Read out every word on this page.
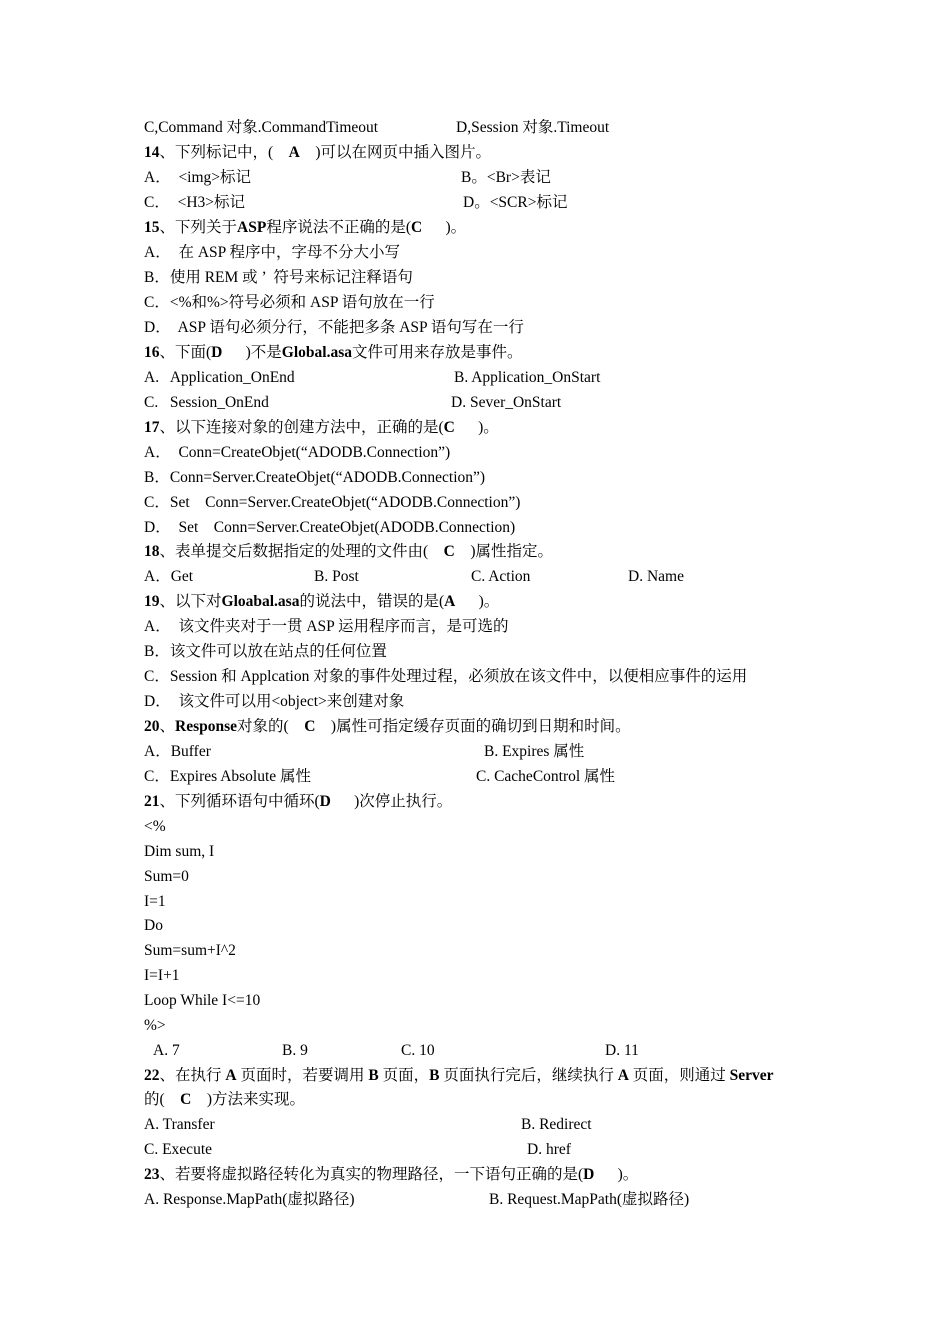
C,Command 对象.CommandTimeout	D,Session 对象.Timeout
14、下列标记中，( A )可以在网页中插入图片。
A．  <img>标记	B。<Br>表记
C．  <H3>标记	D。<SCR>标记
15、下列关于ASP程序说法不正确的是(C )。
A．  在 ASP 程序中，字母不分大小写
B．使用 REM 或 ’  符号来标记注释语句
C．<%和%>符号必须和 ASP 语句放在一行
D．  ASP 语句必须分行，不能把多条 ASP 语句写在一行
16、下面(D )不是Global.asa文件可用来存放是事件。
A.   Application_OnEnd	B. Application_OnStart
C.   Session_OnEnd	D. Sever_OnStart
17、以下连接对象的创建方法中，正确的是(C )。
A．  Conn=CreateObjet(“ADODB.Connection”)
B．Conn=Server.CreateObjet(“ADODB.Connection”)
C．Set    Conn=Server.CreateObjet(“ADODB.Connection”)
D．  Set    Conn=Server.CreateObjet(ADODB.Connection)
18、表单提交后数据指定的处理的文件由( C )属性指定。
A．Get	B. Post	C. Action	D. Name
19、以下对Gloabal.asa的说法中，错误的是(A )。
A．  该文件夹对于一贯 ASP 运用程序而言，是可选的
B．该文件可以放在站点的任何位置
C．Session 和 Applcation 对象的事件处理过程，必须放在该文件中，以便相应事件的运用
D．  该文件可以用<object>来创建对象
20、Response对象的( C )属性可指定缓存页面的确切到日期和时间。
A．Buffer	B. Expires 属性
C．Expires Absolute 属性	C. CacheControl 属性
21、下列循环语句中循环(D )次停止执行。
<%
Dim sum, I
Sum=0
I=1
Do
Sum=sum+I^2
I=I+1
Loop While I<=10
%>
A. 7	B. 9	C. 10	D. 11
22、在执行 A 页面时，若要调用 B 页面，B 页面执行完后，继续执行 A 页面，则通过 Server
的( C )方法来实现。
A. Transfer	B. Redirect
C. Execute	D. href
23、若要将虚拟路径转化为真实的物理路径，一下语句正确的是(D )。
A. Response.MapPath(虚拟路径)	B. Request.MapPath(虚拟路径)
